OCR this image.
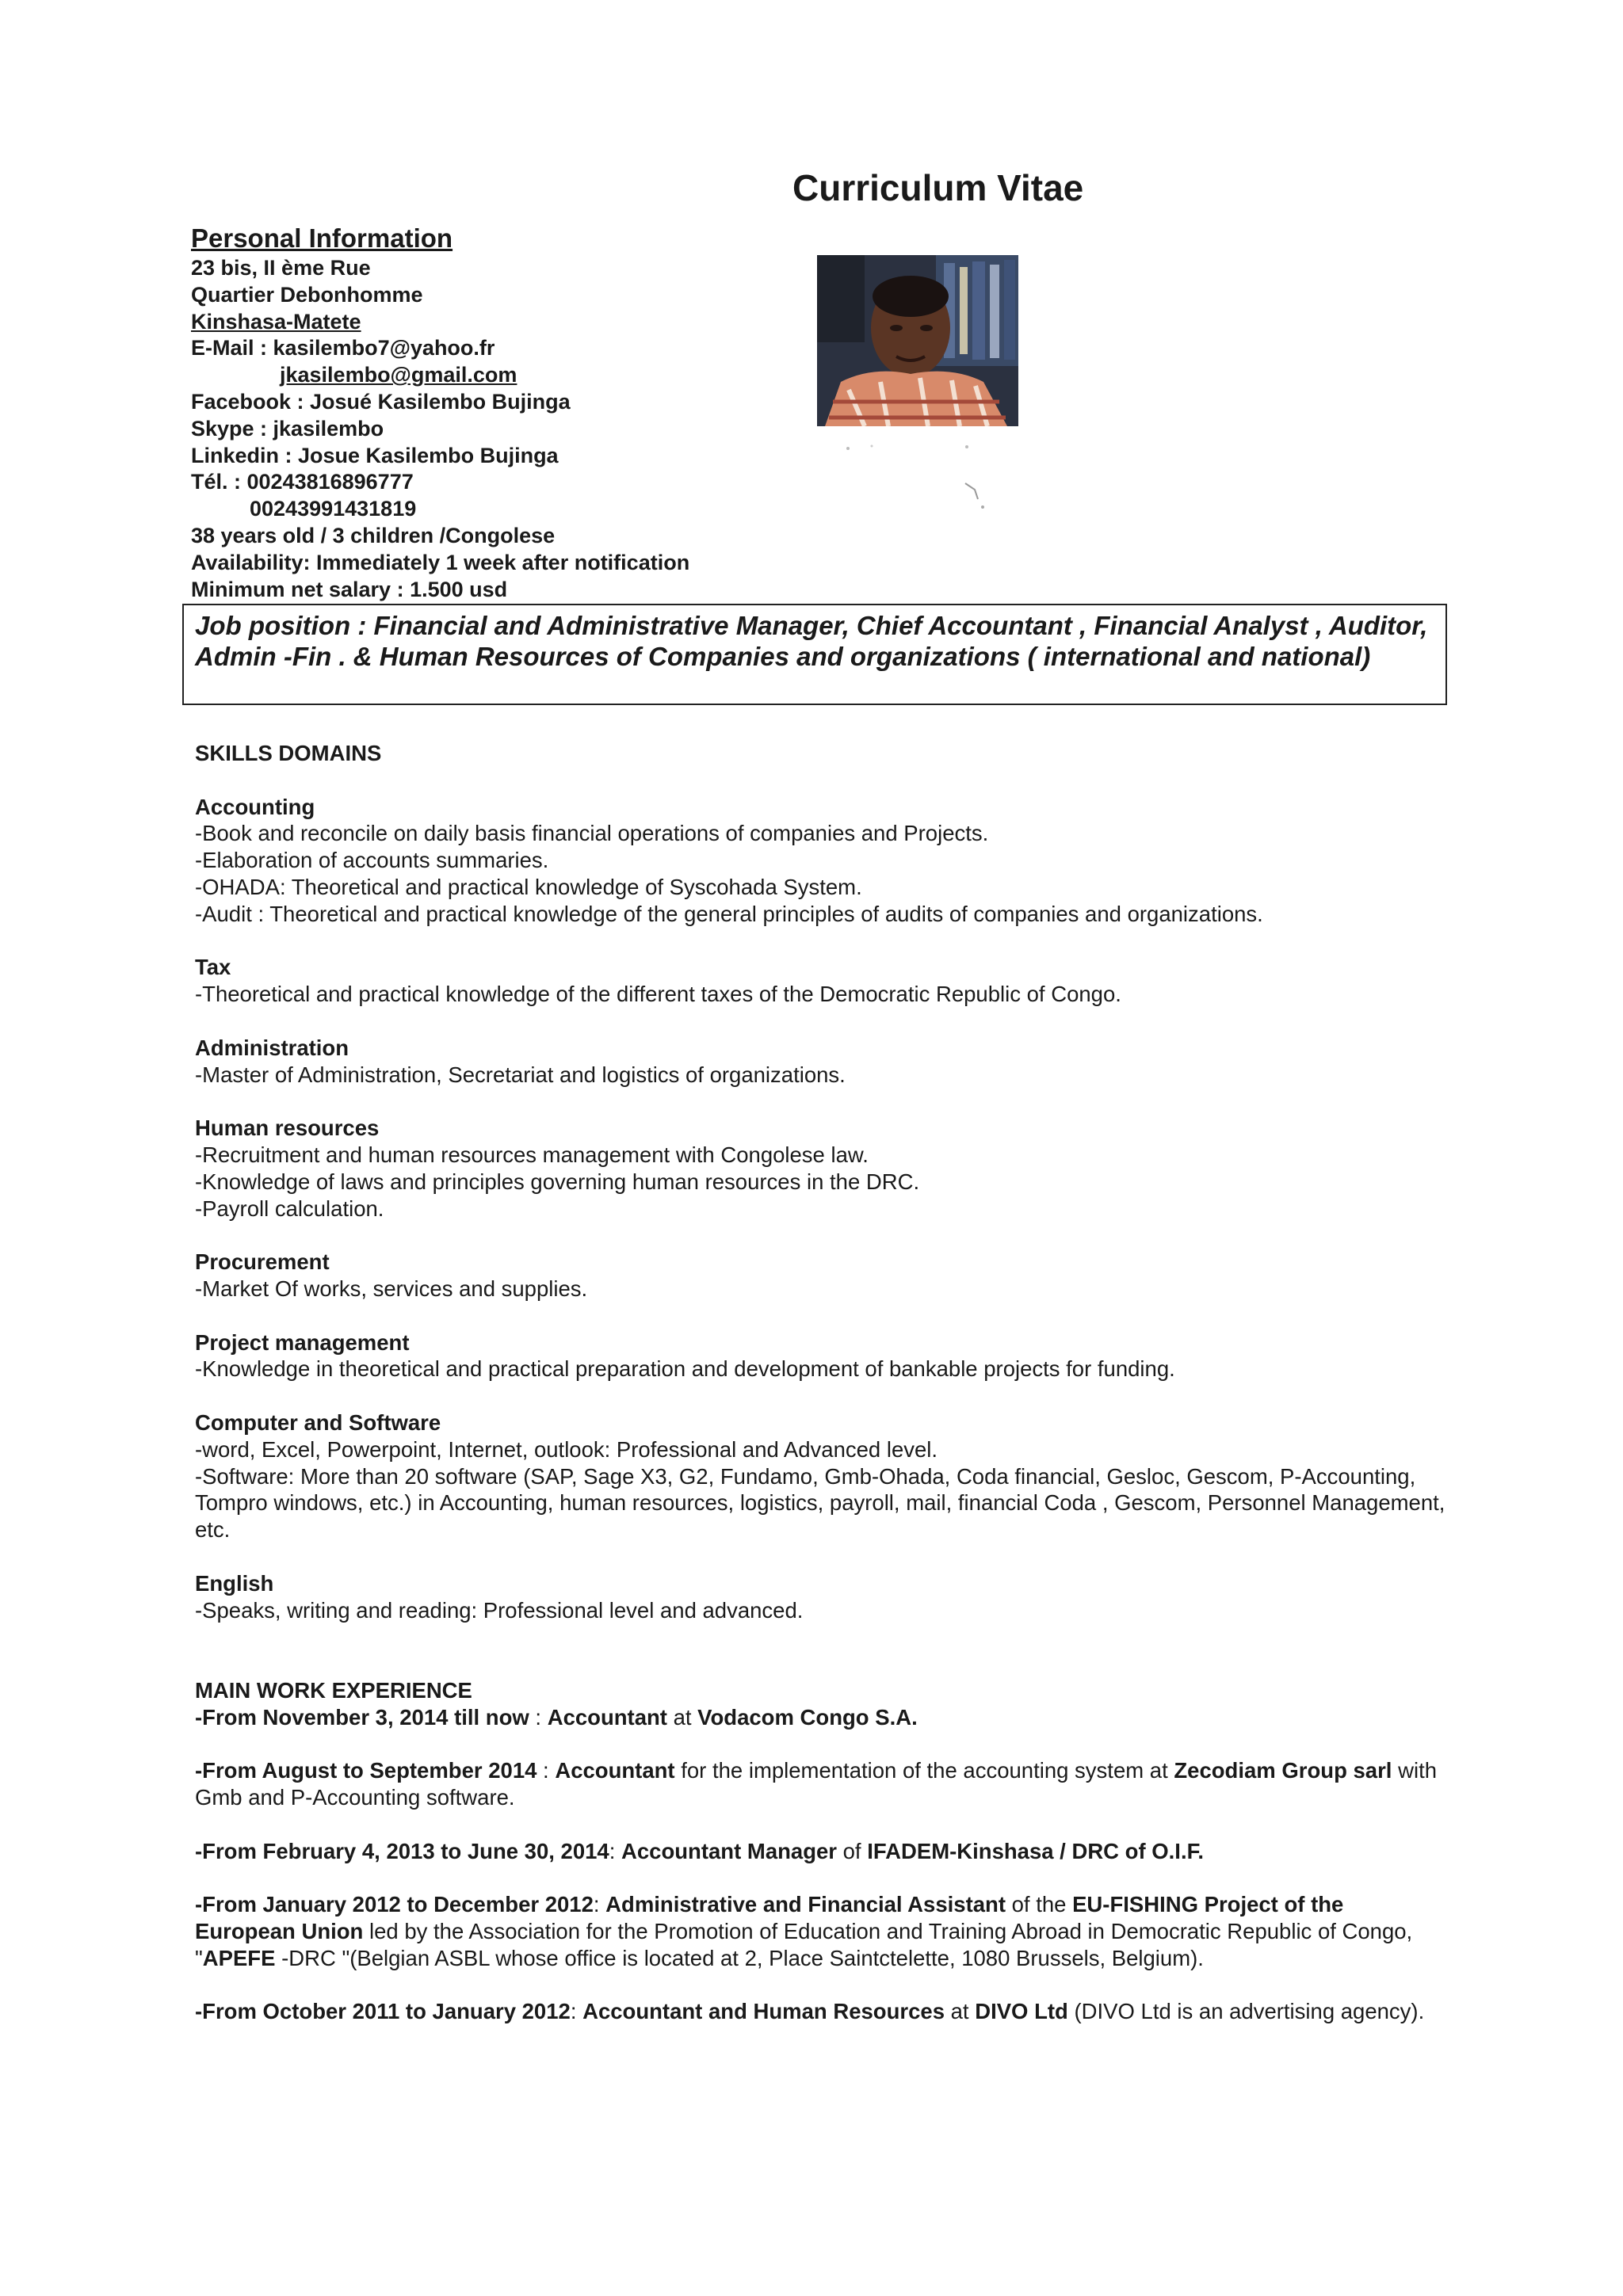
Curriculum Vitae
Personal Information
23 bis, II ème Rue
Quartier Debonhomme
Kinshasa-Matete
E-Mail : kasilembo7@yahoo.fr
jkasilembo@gmail.com
Facebook : Josué Kasilembo Bujinga
Skype : jkasilembo
Linkedin : Josue Kasilembo Bujinga
Tél. : 00243816896777
00243991431819
38 years old / 3 children /Congolese
Availability: Immediately 1 week after notification
Minimum net salary : 1.500 usd
Job position : Financial and Administrative Manager, Chief Accountant , Financial Analyst , Auditor, Admin -Fin . & Human Resources of Companies and organizations ( international and national)
SKILLS DOMAINS
Accounting
-Book and reconcile on daily basis financial operations of companies and Projects.
-Elaboration of accounts summaries.
-OHADA: Theoretical and practical knowledge of Syscohada System.
-Audit : Theoretical and practical knowledge of the general principles of audits of companies and organizations.
Tax
-Theoretical and practical knowledge of the different taxes of the Democratic Republic of Congo.
Administration
-Master of Administration, Secretariat and logistics of organizations.
Human resources
-Recruitment and human resources management with Congolese law.
-Knowledge of laws and principles governing human resources in the DRC.
-Payroll calculation.
Procurement
-Market Of works, services and supplies.
Project management
-Knowledge in theoretical and practical preparation and development of bankable projects for funding.
Computer and Software
-word, Excel, Powerpoint, Internet, outlook: Professional and Advanced level.
-Software: More than 20 software (SAP, Sage X3, G2, Fundamo, Gmb-Ohada, Coda financial, Gesloc, Gescom, P-Accounting, Tompro windows, etc.) in Accounting, human resources, logistics, payroll, mail, financial Coda , Gescom, Personnel Management, etc.
English
-Speaks, writing and reading: Professional level and advanced.
MAIN WORK EXPERIENCE
-From November 3, 2014 till now : Accountant at Vodacom Congo S.A.
-From August to September 2014 : Accountant for the implementation of the accounting system at Zecodiam Group sarl with Gmb and P-Accounting software.
-From February 4, 2013 to June 30, 2014: Accountant Manager of IFADEM-Kinshasa / DRC of O.I.F.
-From January 2012 to December 2012: Administrative and Financial Assistant of the EU-FISHING Project of the European Union led by the Association for the Promotion of Education and Training Abroad in Democratic Republic of Congo, "APEFE -DRC "(Belgian ASBL whose office is located at 2, Place Saintctelette, 1080 Brussels, Belgium).
-From October 2011 to January 2012: Accountant and Human Resources at DIVO Ltd (DIVO Ltd is an advertising agency).
